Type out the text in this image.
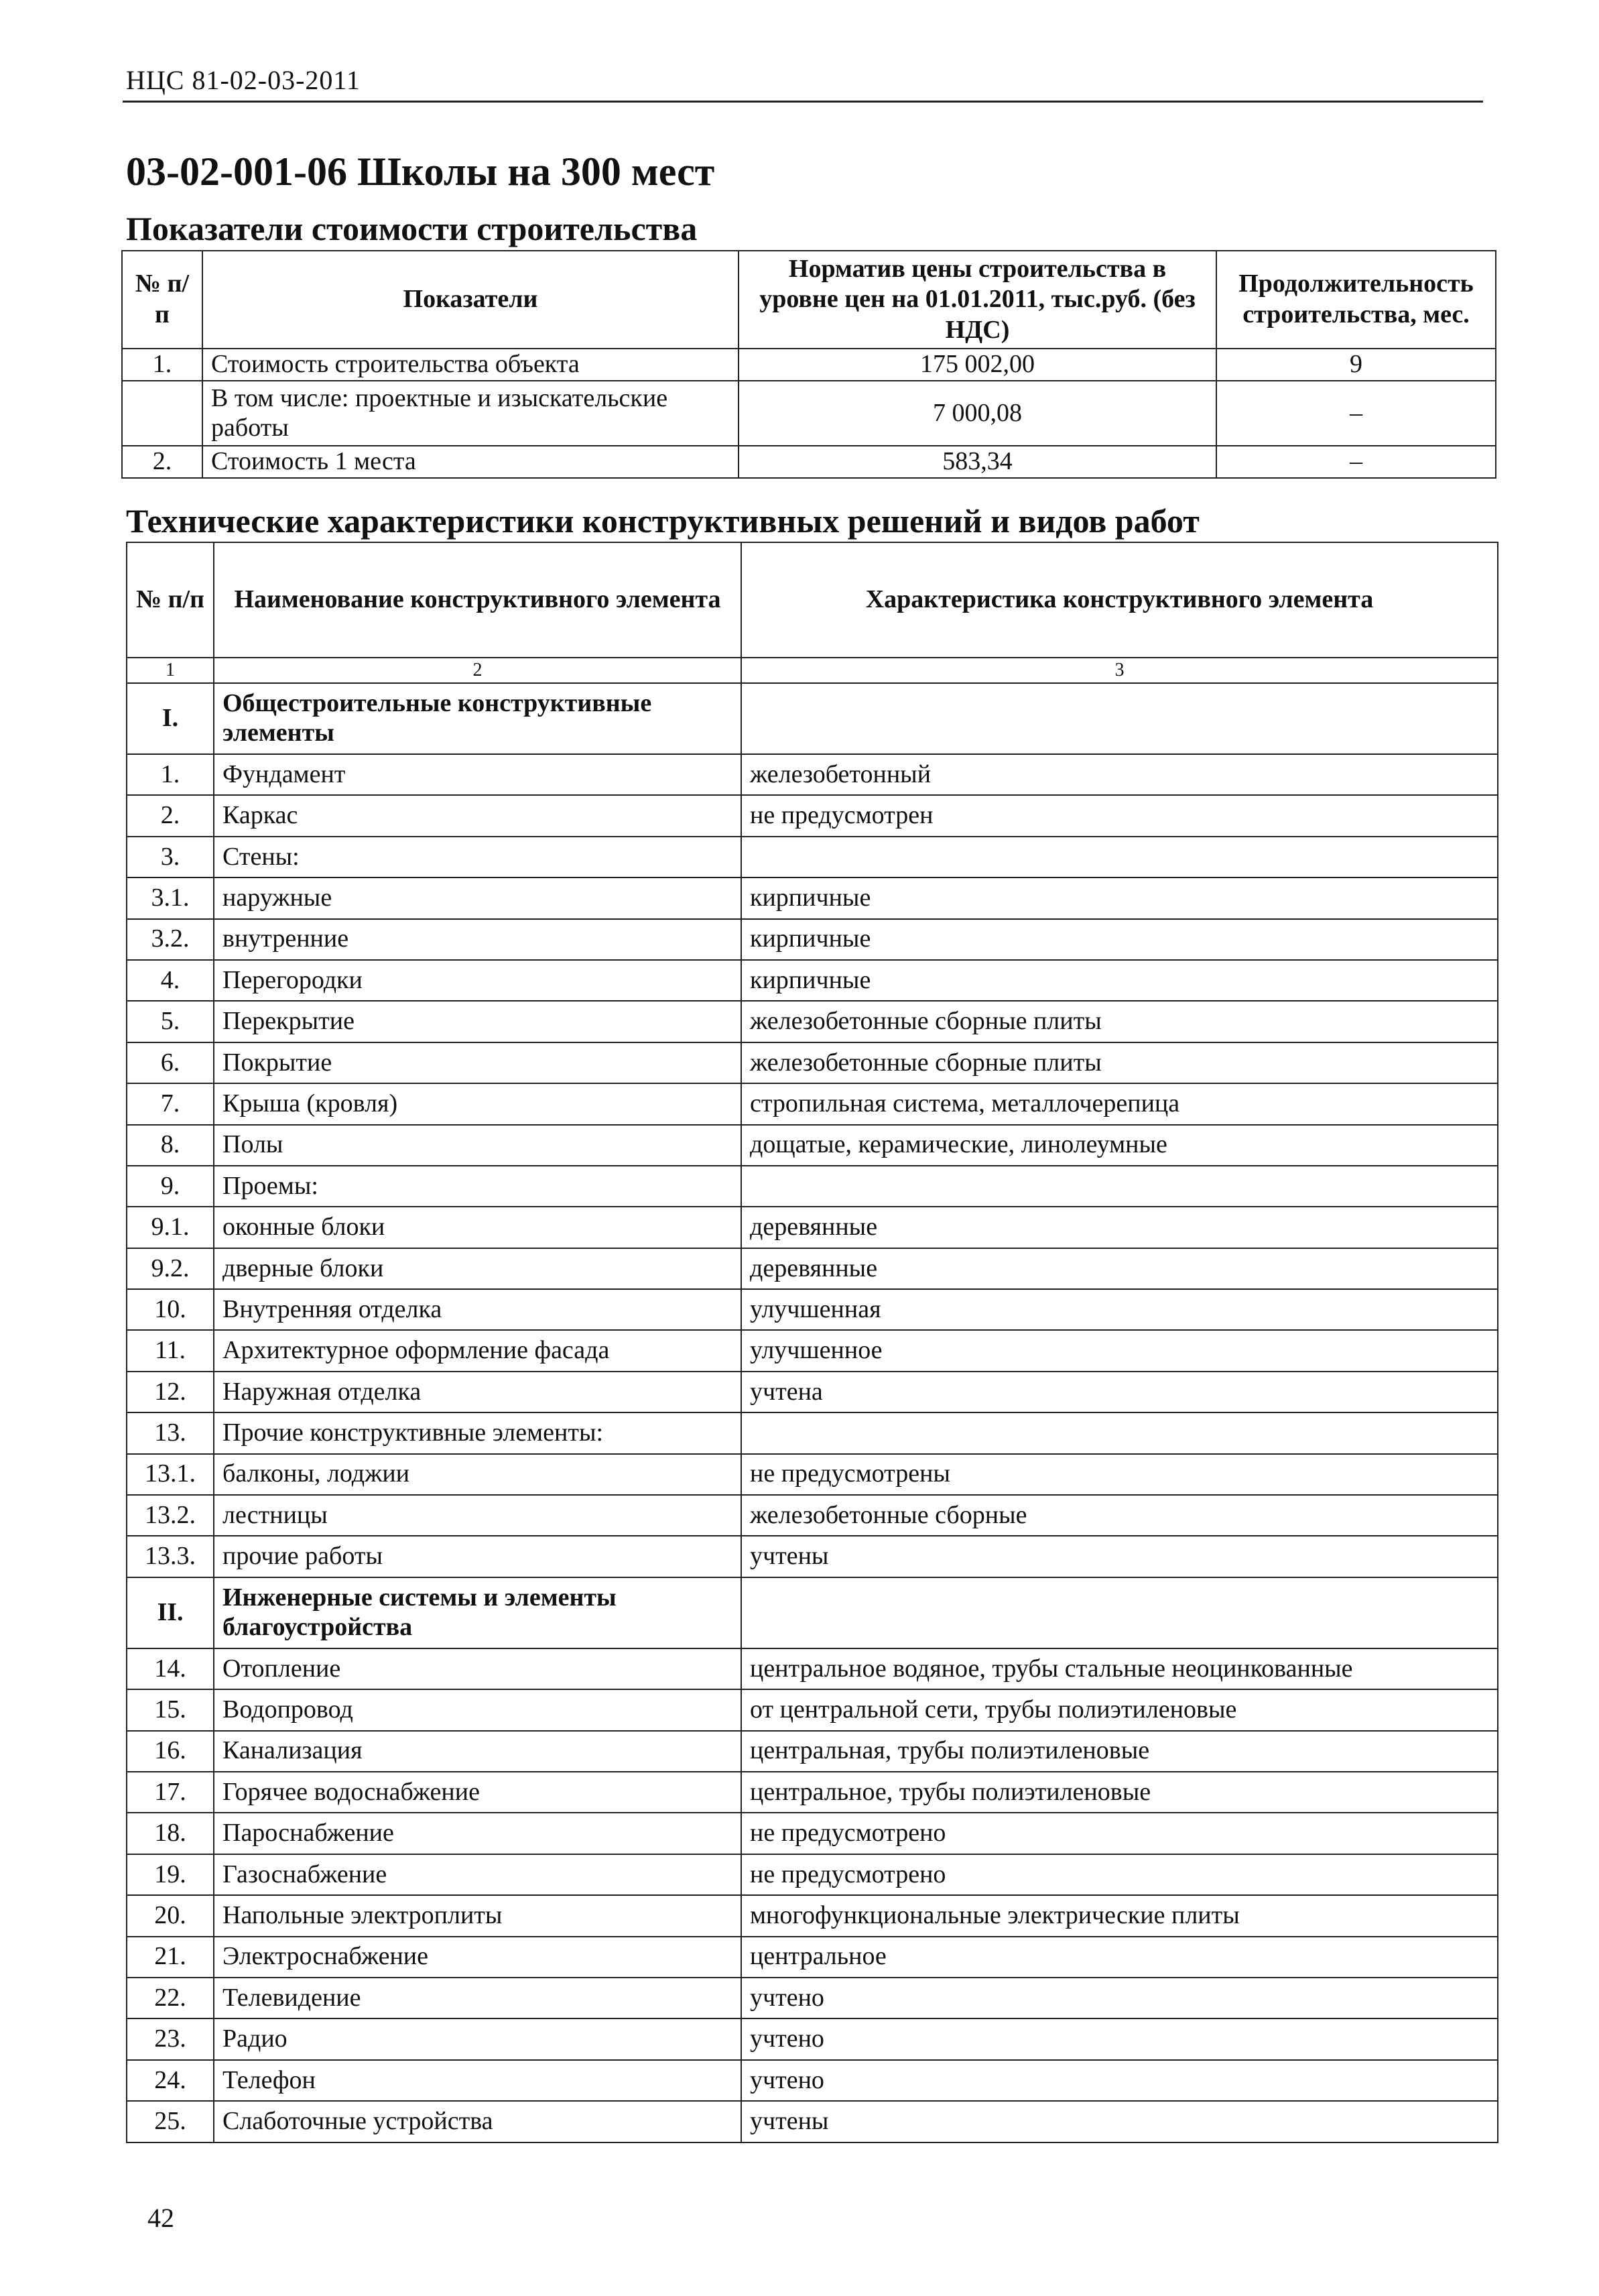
НЦС 81-02-03-2011
03-02-001-06 Школы на 300 мест
Показатели стоимости строительства
№ п/п	Показатели	Норматив цены строительства в уровне цен на 01.01.2011, тыс.руб. (без НДС)	Продолжительность строительства, мес.
1.	Стоимость строительства объекта	175 002,00	9
	В том числе: проектные и изыскательские работы	7 000,08	–
2.	Стоимость 1 места	583,34	–
Технические характеристики конструктивных решений и видов работ
№ п/п	Наименование конструктивного элемента	Характеристика конструктивного элемента
1	2	3
I.	Общестроительные конструктивные элементы	
1.	Фундамент	железобетонный
2.	Каркас	не предусмотрен
3.	Стены:	
3.1.	наружные	кирпичные
3.2.	внутренние	кирпичные
4.	Перегородки	кирпичные
5.	Перекрытие	железобетонные сборные плиты
6.	Покрытие	железобетонные сборные плиты
7.	Крыша (кровля)	стропильная система, металлочерепица
8.	Полы	дощатые, керамические, линолеумные
9.	Проемы:	
9.1.	оконные блоки	деревянные
9.2.	дверные блоки	деревянные
10.	Внутренняя отделка	улучшенная
11.	Архитектурное оформление фасада	улучшенное
12.	Наружная отделка	учтена
13.	Прочие конструктивные элементы:	
13.1.	балконы, лоджии	не предусмотрены
13.2.	лестницы	железобетонные сборные
13.3.	прочие работы	учтены
II.	Инженерные системы и элементы благоустройства	
14.	Отопление	центральное водяное, трубы стальные неоцинкованные
15.	Водопровод	от центральной сети, трубы полиэтиленовые
16.	Канализация	центральная, трубы полиэтиленовые
17.	Горячее водоснабжение	центральное, трубы полиэтиленовые
18.	Пароснабжение	не предусмотрено
19.	Газоснабжение	не предусмотрено
20.	Напольные электроплиты	многофункциональные электрические плиты
21.	Электроснабжение	центральное
22.	Телевидение	учтено
23.	Радио	учтено
24.	Телефон	учтено
25.	Слаботочные устройства	учтены
42
